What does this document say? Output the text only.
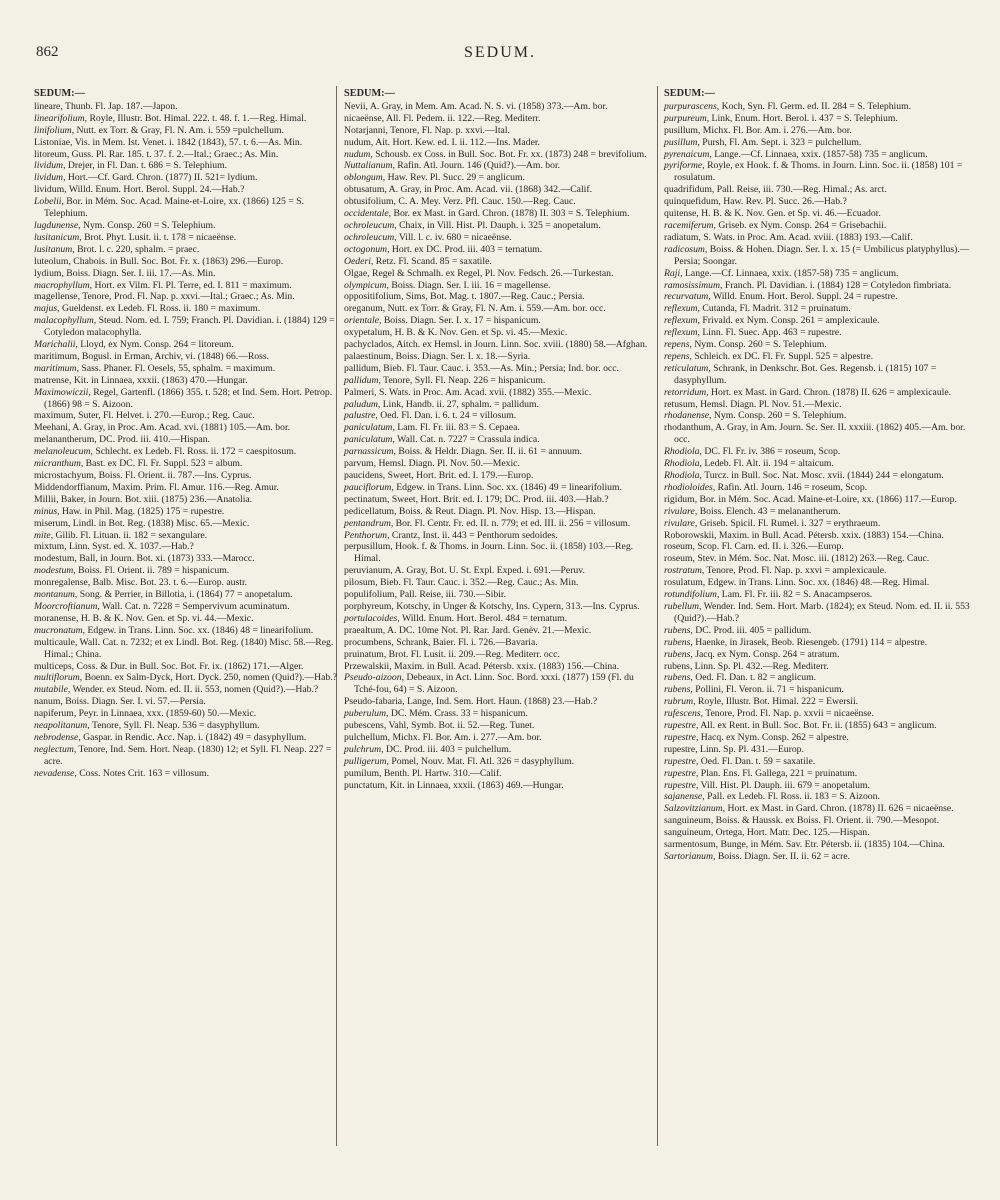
862	SEDUM.
SEDUM:—

lineare, Thunb. Fl. Jap. 187.—Japon.

linearifolium, Royle, Illustr. Bot. Himal. 222. t. 48. f. 1.—Reg. Himal.

linifolium, Nutt. ex Torr. & Gray, Fl. N. Am. i. 559 =pulchellum.

Listoniae, Vis. in Mem. Ist. Venet. i. 1842 (1843), 57. t. 6.—As. Min.

litoreum, Guss. Pl. Rar. 185. t. 37. f. 2.—Ital.; Graec.; As. Min.

lividum, Drejer, in Fl. Dan. t. 686 = S. Telephium.

lividum, Hort.—Cf. Gard. Chron. (1877) II. 521= lydium.

lividum, Willd. Enum. Hort. Berol. Suppl. 24.—Hab.?

Lobelii, Bor. in Mém. Soc. Acad. Maine-et-Loire, xx. (1866) 125 = S. Telephium.

lugdunense, Nym. Consp. 260 = S. Telephium.

lusitanicum, Brot. Phyt. Lusit. ii. t. 178 = nicaeënse.

lusitanum, Brot. l. c. 220, sphalm. = praec.

luteolum, Chabois. in Bull. Soc. Bot. Fr. x. (1863) 296.—Europ.

lydium, Boiss. Diagn. Ser. I. iii. 17.—As. Min.

macrophyllum, Hort. ex Vilm. Fl. Pl. Terre, ed. I. 811 = maximum.

magellense, Tenore, Prod. Fl. Nap. p. xxvi.—Ital.; Graec.; As. Min.

majus, Gueldenst. ex Ledeb. Fl. Ross. ii. 180 = maximum.

malacophyllum, Steud. Nom. ed. I. 759; Franch. Pl. Davidian. i. (1884) 129 = Cotyledon malacophylla.

Marichalii, Lloyd, ex Nym. Consp. 264 = litoreum.

maritimum, Bogusl. in Erman, Archiv, vi. (1848) 66.—Ross.

maritimum, Sass. Phaner. Fl. Oesels, 55, sphalm. = maximum.

matrense, Kit. in Linnaea, xxxii. (1863) 470.—Hungar.

Maximowiczii, Regel, Gartenfl. (1866) 355. t. 528; et Ind. Sem. Hort. Petrop. (1866) 98 = S. Aizoon.

maximum, Suter, Fl. Helvet. i. 270.—Europ.; Reg. Cauc.

Meehani, A. Gray, in Proc. Am. Acad. xvi. (1881) 105.—Am. bor.

melanantherum, DC. Prod. iii. 410.—Hispan.

melanoleucum, Schlecht. ex Ledeb. Fl. Ross. ii. 172 = caespitosum.

micranthum, Bast. ex DC. Fl. Fr. Suppl. 523 = album.

microstachyum, Boiss. Fl. Orient. ii. 787.—Ins. Cyprus.

Middendorffianum, Maxim. Prim. Fl. Amur. 116.—Reg. Amur.

Millii, Baker, in Journ. Bot. xiii. (1875) 236.—Anatolia.

minus, Haw. in Phil. Mag. (1825) 175 = rupestre.

miserum, Lindl. in Bot. Reg. (1838) Misc. 65.—Mexic.

mite, Gilib. Fl. Lituan. ii. 182 = sexangulare.

mixtum, Linn. Syst. ed. X. 1037.—Hab.?

modestum, Ball, in Journ. Bot. xi. (1873) 333.—Marocc.

modestum, Boiss. Fl. Orient. ii. 789 = hispanicum.

monregalense, Balb. Misc. Bot. 23. t. 6.—Europ. austr.

montanum, Song. & Perrier, in Billotia, i. (1864) 77 = anopetalum.

Moorcroftianum, Wall. Cat. n. 7228 = Sempervivum acuminatum.

moranense, H. B. & K. Nov. Gen. et Sp. vi. 44.—Mexic.

mucronatum, Edgew. in Trans. Linn. Soc. xx. (1846) 48 = linearifolium.

multicaule, Wall. Cat. n. 7232; et ex Lindl. Bot. Reg. (1840) Misc. 58.—Reg. Himal.; China.

multiceps, Coss. & Dur. in Bull. Soc. Bot. Fr. ix. (1862) 171.—Alger.

multiflorum, Boenn. ex Salm-Dyck, Hort. Dyck. 250, nomen (Quid?).—Hab.?

mutabile, Wender. ex Steud. Nom. ed. II. ii. 553, nomen (Quid?).—Hab.?

nanum, Boiss. Diagn. Ser. I. vi. 57.—Persia.

napiferum, Peyr. in Linnaea, xxx. (1859-60) 50.—Mexic.

neapolitanum, Tenore, Syll. Fl. Neap. 536 = dasyphyllum.

nebrodense, Gaspar. in Rendic. Acc. Nap. i. (1842) 49 = dasyphyllum.

neglectum, Tenore, Ind. Sem. Hort. Neap. (1830) 12; et Syll. Fl. Neap. 227 = acre.

nevadense, Coss. Notes Crit. 163 = villosum.

SEDUM:—

Nevii, A. Gray, in Mem. Am. Acad. N. S. vi. (1858) 373.—Am. bor.

nicaeënse, All. Fl. Pedem. ii. 122.—Reg. Mediterr.

Notarjanni, Tenore, Fl. Nap. p. xxvi.—Ital.

nudum, Ait. Hort. Kew. ed. I. ii. 112.—Ins. Mader.

nudum, Schousb. ex Coss. in Bull. Soc. Bot. Fr. xx. (1873) 248 = brevifolium.

Nuttalianum, Rafin. Atl. Journ. 146 (Quid?).—Am. bor.

oblongum, Haw. Rev. Pl. Succ. 29 = anglicum.

obtusatum, A. Gray, in Proc. Am. Acad. vii. (1868) 342.—Calif.

obtusifolium, C. A. Mey. Verz. Pfl. Cauc. 150.—Reg. Cauc.

occidentale, Bor. ex Mast. in Gard. Chron. (1878) II. 303 = S. Telephium.

ochroleucum, Chaix, in Vill. Hist. Pl. Dauph. i. 325 = anopetalum.

ochroleucum, Vill. l. c. iv. 680 = nicaeënse.

octogonum, Hort. ex DC. Prod. iii. 403 = ternatum.

Oederi, Retz. Fl. Scand. 85 = saxatile.

Olgae, Regel & Schmalh. ex Regel, Pl. Nov. Fedsch. 26.—Turkestan.

olympicum, Boiss. Diagn. Ser. I. iii. 16 = magellense.

oppositifolium, Sims, Bot. Mag. t. 1807.—Reg. Cauc.; Persia.

oreganum, Nutt. ex Torr. & Gray, Fl. N. Am. i. 559.—Am. bor. occ.

orientale, Boiss. Diagn. Ser. I. x. 17 = hispanicum.

oxypetalum, H. B. & K. Nov. Gen. et Sp. vi. 45.—Mexic.

pachyclados, Aitch. ex Hemsl. in Journ. Linn. Soc. xviii. (1880) 58.—Afghan.

palaestinum, Boiss. Diagn. Ser. I. x. 18.—Syria.

pallidum, Bieb. Fl. Taur. Cauc. i. 353.—As. Min.; Persia; Ind. bor. occ.

pallidum, Tenore, Syll. Fl. Neap. 226 = hispanicum.

Palmeri, S. Wats. in Proc. Am. Acad. xvii. (1882) 355.—Mexic.

paludum, Link, Handb. ii. 27, sphalm. = pallidum.

palustre, Oed. Fl. Dan. i. 6. t. 24 = villosum.

paniculatum, Lam. Fl. Fr. iii. 83 = S. Cepaea.

paniculatum, Wall. Cat. n. 7227 = Crassula indica.

parnassicum, Boiss. & Heldr. Diagn. Ser. II. ii. 61 = annuum.

parvum, Hemsl. Diagn. Pl. Nov. 50.—Mexic.

paucidens, Sweet, Hort. Brit. ed. I. 179.—Europ.

pauciflorum, Edgew. in Trans. Linn. Soc. xx. (1846) 49 = linearifolium.

pectinatum, Sweet, Hort. Brit. ed. I. 179; DC. Prod. iii. 403.—Hab.?

pedicellatum, Boiss. & Reut. Diagn. Pl. Nov. Hisp. 13.—Hispan.

pentandrum, Bor. Fl. Centr. Fr. ed. II. n. 779; et ed. III. ii. 256 = villosum.

Penthorum, Crantz, Inst. ii. 443 = Penthorum sedoides.

perpusillum, Hook. f. & Thoms. in Journ. Linn. Soc. ii. (1858) 103.—Reg. Himal.

peruvianum, A. Gray, Bot. U. St. Expl. Exped. i. 691.—Peruv.

pilosum, Bieb. Fl. Taur. Cauc. i. 352.—Reg. Cauc.; As. Min.

populifolium, Pall. Reise, iii. 730.—Sibir.

porphyreum, Kotschy, in Unger & Kotschy, Ins. Cypern, 313.—Ins. Cyprus.

portulacoides, Willd. Enum. Hort. Berol. 484 = ternatum.

praealtum, A. DC. 10me Not. Pl. Rar. Jard. Genèv. 21.—Mexic.

procumbens, Schrank, Baier. Fl. i. 726.—Bavaria.

pruinatum, Brot. Fl. Lusit. ii. 209.—Reg. Mediterr. occ.

Przewalskii, Maxim. in Bull. Acad. Pétersb. xxix. (1883) 156.—China.

Pseudo-aizoon, Debeaux, in Act. Linn. Soc. Bord. xxxi. (1877) 159 (Fl. du Tché-fou, 64) = S. Aizoon.

Pseudo-fabaria, Lange, Ind. Sem. Hort. Haun. (1868) 23.—Hab.?

puberulum, DC. Mém. Crass. 33 = hispanicum.

pubescens, Vahl, Symb. Bot. ii. 52.—Reg. Tunet.

pulchellum, Michx. Fl. Bor. Am. i. 277.—Am. bor.

pulchrum, DC. Prod. iii. 403 = pulchellum.

pulligerum, Pomel, Nouv. Mat. Fl. Atl. 326 = dasyphyllum.

pumilum, Benth. Pl. Hartw. 310.—Calif.

punctatum, Kit. in Linnaea, xxxii. (1863) 469.—Hungar.

SEDUM:—

purpurascens, Koch, Syn. Fl. Germ. ed. II. 284 = S. Telephium.

purpureum, Link, Enum. Hort. Berol. i. 437 = S. Telephium.

pusillum, Michx. Fl. Bor. Am. i. 276.—Am. bor.

pusillum, Pursh, Fl. Am. Sept. i. 323 = pulchellum.

pyrenaicum, Lange.—Cf. Linnaea, xxix. (1857-58) 735 = anglicum.

pyriforme, Royle, ex Hook. f. & Thoms. in Journ. Linn. Soc. ii. (1858) 101 = rosulatum.

quadrifidum, Pall. Reise, iii. 730.—Reg. Himal.; As. arct.

quinquefidum, Haw. Rev. Pl. Succ. 26.—Hab.?

quitense, H. B. & K. Nov. Gen. et Sp. vi. 46.—Ecuador.

racemiferum, Griseb. ex Nym. Consp. 264 = Grisebachii.

radiatum, S. Wats. in Proc. Am. Acad. xviii. (1883) 193.—Calif.

radicosum, Boiss. & Hohen. Diagn. Ser. I. x. 15 (= Umbilicus platyphyllus).—Persia; Soongar.

Raji, Lange.—Cf. Linnaea, xxix. (1857-58) 735 = anglicum.

ramosissimum, Franch. Pl. Davidian. i. (1884) 128 = Cotyledon fimbriata.

recurvatum, Willd. Enum. Hort. Berol. Suppl. 24 = rupestre.

reflexum, Cutanda, Fl. Madrit. 312 = pruinatum.

reflexum, Frivald. ex Nym. Consp. 261 = amplexicaule.

reflexum, Linn. Fl. Suec. App. 463 = rupestre.

repens, Nym. Consp. 260 = S. Telephium.

repens, Schleich. ex DC. Fl. Fr. Suppl. 525 = alpestre.

reticulatum, Schrank, in Denkschr. Bot. Ges. Regensb. i. (1815) 107 = dasyphyllum.

retorridum, Hort. ex Mast. in Gard. Chron. (1878) II. 626 = amplexicaule.

retusum, Hemsl. Diagn. Pl. Nov. 51.—Mexic.

rhodanense, Nym. Consp. 260 = S. Telephium.

rhodanthum, A. Gray, in Am. Journ. Sc. Ser. II. xxxiii. (1862) 405.—Am. bor. occ.

Rhodiola, DC. Fl. Fr. iv. 386 = roseum, Scop.

Rhodiola, Ledeb. Fl. Alt. ii. 194 = altaicum.

Rhodiola, Turcz. in Bull. Soc. Nat. Mosc. xvii. (1844) 244 = elongatum.

rhodioloides, Rafin. Atl. Journ. 146 = roseum, Scop.

rigidum, Bor. in Mém. Soc. Acad. Maine-et-Loire, xx. (1866) 117.—Europ.

rivulare, Boiss. Elench. 43 = melanantherum.

rivulare, Griseb. Spicil. Fl. Rumel. i. 327 = erythraeum.

Roborowskii, Maxim. in Bull. Acad. Pétersb. xxix. (1883) 154.—China.

roseum, Scop. Fl. Carn. ed. II. i. 326.—Europ.

roseum, Stev. in Mém. Soc. Nat. Mosc. iii. (1812) 263.—Reg. Cauc.

rostratum, Tenore, Prod. Fl. Nap. p. xxvi = amplexicaule.

rosulatum, Edgew. in Trans. Linn. Soc. xx. (1846) 48.—Reg. Himal.

rotundifolium, Lam. Fl. Fr. iii. 82 = S. Anacampseros.

rubellum, Wender. Ind. Sem. Hort. Marb. (1824); ex Steud. Nom. ed. II. ii. 553 (Quid?).—Hab.?

rubens, DC. Prod. iii. 405 = pallidum.

rubens, Haenke, in Jirasek, Beob. Riesengeb. (1791) 114 = alpestre.

rubens, Jacq. ex Nym. Consp. 264 = atratum.

rubens, Linn. Sp. Pl. 432.—Reg. Mediterr.

rubens, Oed. Fl. Dan. t. 82 = anglicum.

rubens, Pollini, Fl. Veron. ii. 71 = hispanicum.

rubrum, Royle, Illustr. Bot. Himal. 222 = Ewersii.

rufescens, Tenore, Prod. Fl. Nap. p. xxvii = nicaeënse.

rupestre, All. ex Rent. in Bull. Soc. Bot. Fr. ii. (1855) 643 = anglicum.

rupestre, Hacq. ex Nym. Consp. 262 = alpestre.

rupestre, Linn. Sp. Pl. 431.—Europ.

rupestre, Oed. Fl. Dan. t. 59 = saxatile.

rupestre, Plan. Ens. Fl. Gallega, 221 = pruinatum.

rupestre, Vill. Hist. Pl. Dauph. iii. 679 = anopetalum.

sajanense, Pall. ex Ledeb. Fl. Ross. ii. 183 = S. Aizoon.

Salzovitzianum, Hort. ex Mast. in Gard. Chron. (1878) II. 626 = nicaeënse.

sanguineum, Boiss. & Haussk. ex Boiss. Fl. Orient. ii. 790.—Mesopot.

sanguineum, Ortega, Hort. Matr. Dec. 125.—Hispan.

sarmentosum, Bunge, in Mém. Sav. Etr. Pétersb. ii. (1835) 104.—China.

Sartorianum, Boiss. Diagn. Ser. II. ii. 62 = acre.
